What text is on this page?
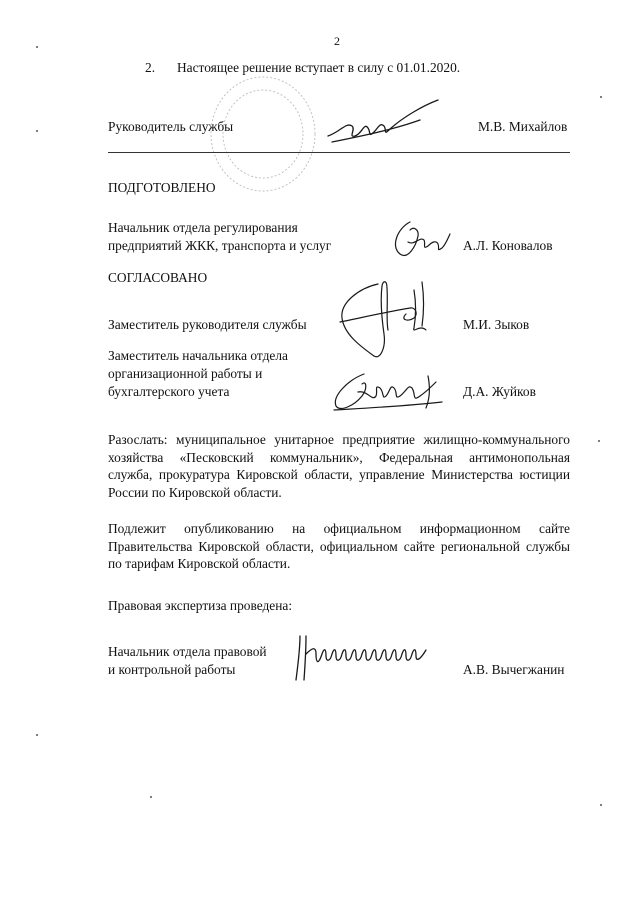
2
2. Настоящее решение вступает в силу с 01.01.2020.
Руководитель службы	М.В. Михайлов
ПОДГОТОВЛЕНО
Начальник отдела регулирования
предприятий ЖКК, транспорта и услуг	А.Л. Коновалов
СОГЛАСОВАНО
Заместитель руководителя службы	М.И. Зыков
Заместитель начальника отдела
организационной работы и
бухгалтерского учета	Д.А. Жуйков
Разослать: муниципальное унитарное предприятие жилищно-коммунального
хозяйства «Песковский коммунальник», Федеральная антимонопольная
служба, прокуратура Кировской области, управление Министерства юстиции
России по Кировской области.
Подлежит опубликованию на официальном информационном сайте
Правительства Кировской области, официальном сайте региональной службы
по тарифам Кировской области.
Правовая экспертиза проведена:
Начальник отдела правовой
и контрольной работы	А.В. Вычегжанин
